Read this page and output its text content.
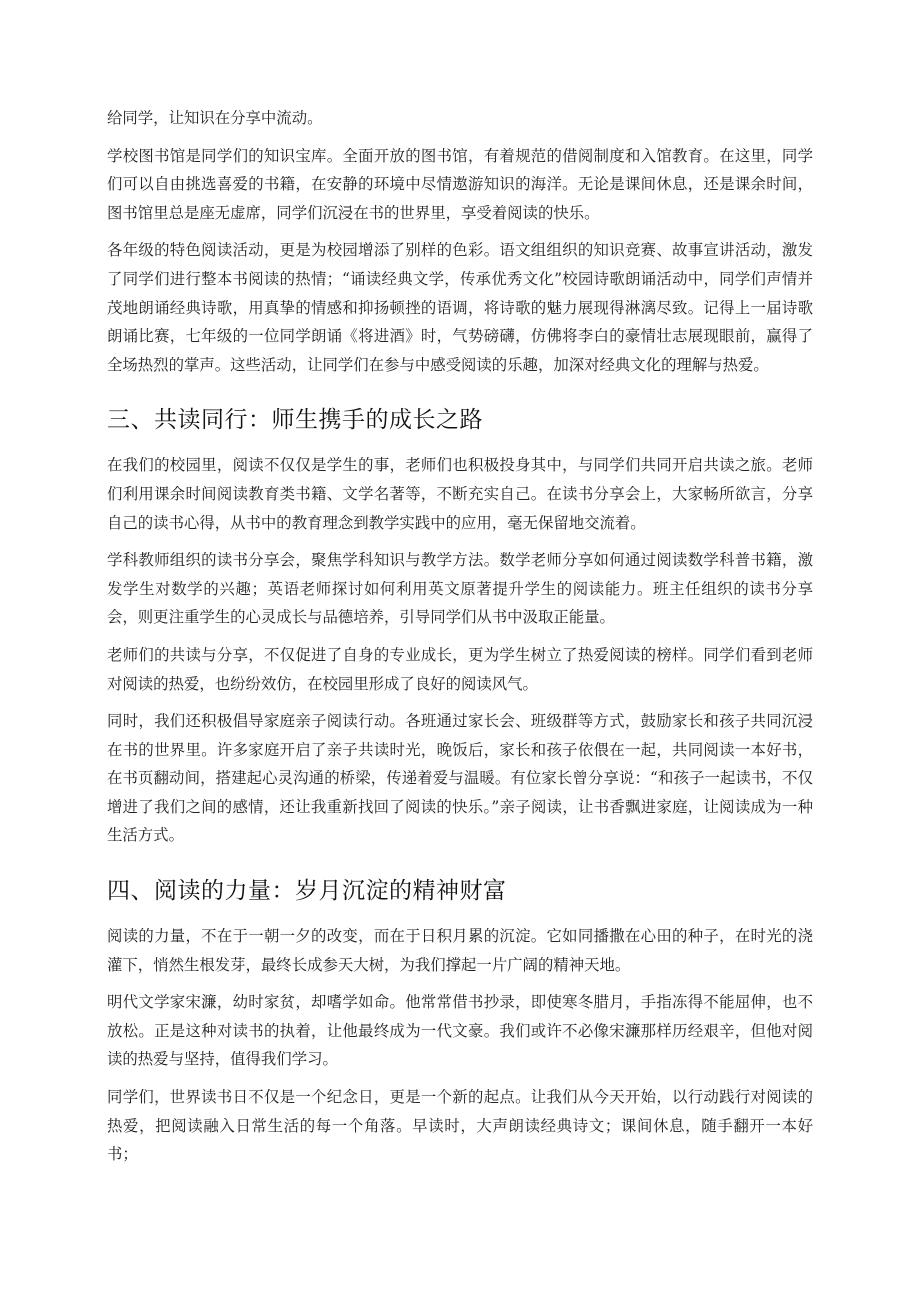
给同学，让知识在分享中流动。

学校图书馆是同学们的知识宝库。全面开放的图书馆，有着规范的借阅制度和入馆教育。在这里，同学们可以自由挑选喜爱的书籍，在安静的环境中尽情遨游知识的海洋。无论是课间休息，还是课余时间，图书馆里总是座无虚席，同学们沉浸在书的世界里，享受着阅读的快乐。

各年级的特色阅读活动，更是为校园增添了别样的色彩。语文组组织的知识竞赛、故事宣讲活动，激发了同学们进行整本书阅读的热情；“诵读经典文学，传承优秀文化”校园诗歌朗诵活动中，同学们声情并茂地朗诵经典诗歌，用真挚的情感和抑扬顿挫的语调，将诗歌的魅力展现得淋漓尽致。记得上一届诗歌朗诵比赛，七年级的一位同学朗诵《将进酒》时，气势磅礴，仿佛将李白的豪情壮志展现眼前，赢得了全场热烈的掌声。这些活动，让同学们在参与中感受阅读的乐趣，加深对经典文化的理解与热爱。

三、共读同行：师生携手的成长之路

在我们的校园里，阅读不仅仅是学生的事，老师们也积极投身其中，与同学们共同开启共读之旅。老师们利用课余时间阅读教育类书籍、文学名著等，不断充实自己。在读书分享会上，大家畅所欲言，分享自己的读书心得，从书中的教育理念到教学实践中的应用，毫无保留地交流着。

学科教师组织的读书分享会，聚焦学科知识与教学方法。数学老师分享如何通过阅读数学科普书籍，激发学生对数学的兴趣；英语老师探讨如何利用英文原著提升学生的阅读能力。班主任组织的读书分享会，则更注重学生的心灵成长与品德培养，引导同学们从书中汲取正能量。

老师们的共读与分享，不仅促进了自身的专业成长，更为学生树立了热爱阅读的榜样。同学们看到老师对阅读的热爱，也纷纷效仿，在校园里形成了良好的阅读风气。

同时，我们还积极倡导家庭亲子阅读行动。各班通过家长会、班级群等方式，鼓励家长和孩子共同沉浸在书的世界里。许多家庭开启了亲子共读时光，晚饭后，家长和孩子依偎在一起，共同阅读一本好书，在书页翻动间，搭建起心灵沟通的桥梁，传递着爱与温暖。有位家长曾分享说：“和孩子一起读书，不仅增进了我们之间的感情，还让我重新找回了阅读的快乐。”亲子阅读，让书香飘进家庭，让阅读成为一种生活方式。

四、阅读的力量：岁月沉淀的精神财富

阅读的力量，不在于一朝一夕的改变，而在于日积月累的沉淀。它如同播撒在心田的种子，在时光的浇灌下，悄然生根发芽，最终长成参天大树，为我们撑起一片广阔的精神天地。

明代文学家宋濂，幼时家贫，却嗜学如命。他常常借书抄录，即使寒冬腊月，手指冻得不能屈伸，也不放松。正是这种对读书的执着，让他最终成为一代文豪。我们或许不必像宋濂那样历经艰辛，但他对阅读的热爱与坚持，值得我们学习。

同学们，世界读书日不仅是一个纪念日，更是一个新的起点。让我们从今天开始，以行动践行对阅读的热爱，把阅读融入日常生活的每一个角落。早读时，大声朗读经典诗文；课间休息，随手翻开一本好书；
